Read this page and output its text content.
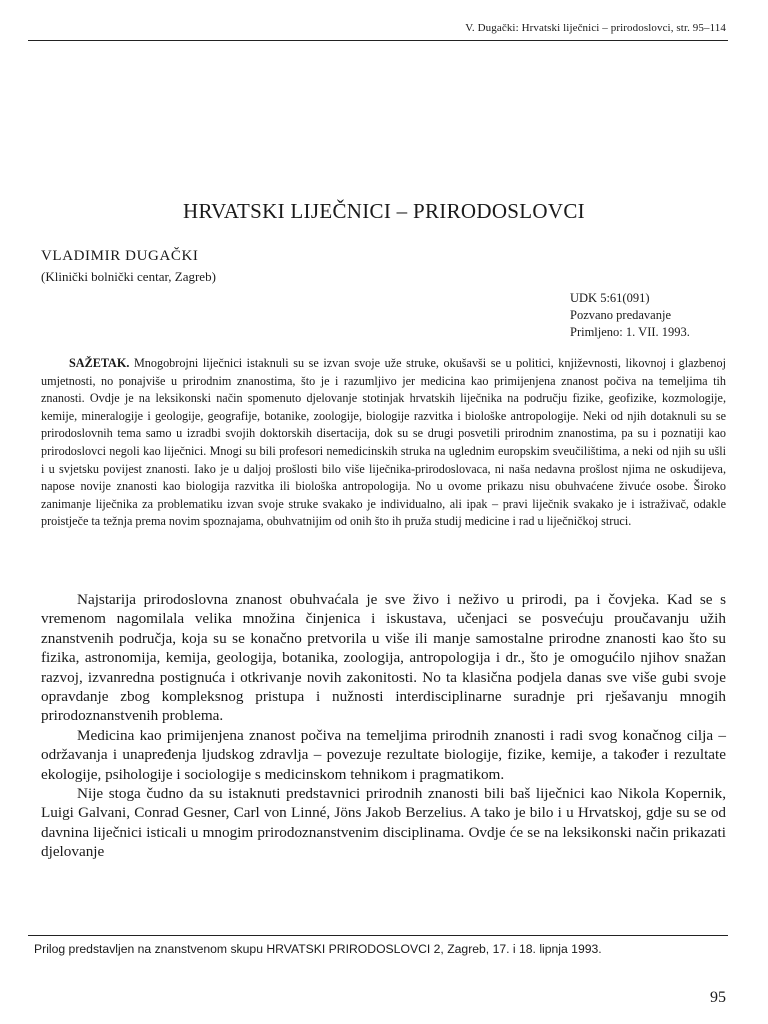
V. Dugački: Hrvatski liječnici – prirodoslovci, str. 95–114
HRVATSKI LIJEČNICI – PRIRODOSLOVCI
VLADIMIR DUGAČKI
(Klinički bolnički centar, Zagreb)
UDK 5:61(091)
Pozvano predavanje
Primljeno: 1. VII. 1993.

SAŽETAK. Mnogobrojni liječnici istaknuli su se izvan svoje uže struke, okušavši se u politici, književnosti, likovnoj i glazbenoj umjetnosti, no ponajviše u prirodnim znanostima, što je i razumljivo jer medicina kao primijenjena znanost počiva na temeljima tih znanosti. Ovdje je na leksikonski način spomenuto djelovanje stotinjak hrvatskih liječnika na području fizike, geofizike, kozmologije, kemije, mineralogije i geologije, geografije, botanike, zoologije, biologije razvitka i biološke antropologije. Neki od njih dotaknuli su se prirodoslovnih tema samo u izradbi svojih doktorskih disertacija, dok su se drugi posvetili prirodnim znanostima, pa su i poznatiji kao prirodoslovci negoli kao liječnici. Mnogi su bili profesori nemedicinskih struka na uglednim europskim sveučilištima, a neki od njih su ušli i u svjetsku povijest znanosti. Iako je u daljoj prošlosti bilo više liječnika-prirodoslovaca, ni naša nedavna prošlost njima ne oskudijeva, napose novije znanosti kao biologija razvitka ili biološka antropologija. No u ovome prikazu nisu obuhvaćene živuće osobe. Široko zanimanje liječnika za problematiku izvan svoje struke svakako je individualno, ali ipak – pravi liječnik svakako je i istraživač, odakle proistječe ta težnja prema novim spoznajama, obuhvatnijim od onih što ih pruža studij medicine i rad u liječničkoj struci.

Najstarija prirodoslovna znanost obuhvaćala je sve živo i neživo u prirodi, pa i čovjeka. Kad se s vremenom nagomilala velika množina činjenica i iskustava, učenjaci se posvećuju proučavanju užih znanstvenih područja, koja su se konačno pretvorila u više ili manje samostalne prirodne znanosti kao što su fizika, astronomija, kemija, geologija, botanika, zoologija, antropologija i dr., što je omogućilo njihov snažan razvoj, izvanredna postignuća i otkrivanje novih zakonitosti. No ta klasična podjela danas sve više gubi svoje opravdanje zbog kompleksnog pristupa i nužnosti interdisciplinarne suradnje pri rješavanju mnogih prirodoznanstvenih problema.

Medicina kao primijenjena znanost počiva na temeljima prirodnih znanosti i radi svog konačnog cilja – održavanja i unapređenja ljudskog zdravlja – povezuje rezultate biologije, fizike, kemije, a također i rezultate ekologije, psihologije i sociologije s medicinskom tehnikom i pragmatikom.

Nije stoga čudno da su istaknuti predstavnici prirodnih znanosti bili baš liječnici kao Nikola Kopernik, Luigi Galvani, Conrad Gesner, Carl von Linné, Jöns Jakob Berzelius. A tako je bilo i u Hrvatskoj, gdje su se od davnina liječnici isticali u mnogim prirodoznanstvenim disciplinama. Ovdje će se na leksikonski način prikazati djelovanje

Prilog predstavljen na znanstvenom skupu HRVATSKI PRIRODOSLOVCI 2, Zagreb, 17. i 18. lipnja 1993.
95
